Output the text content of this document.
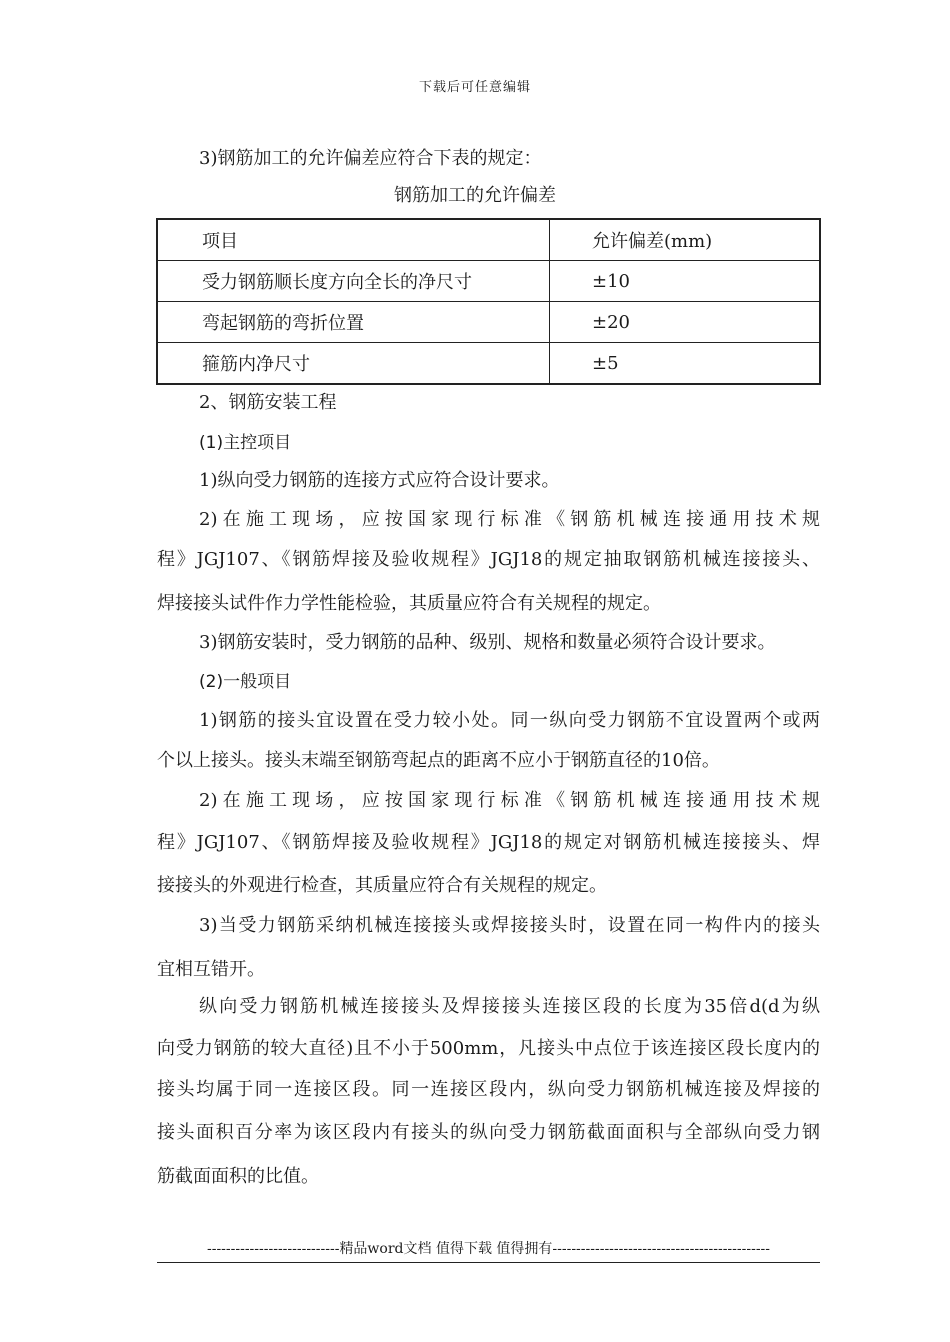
下载后可任意编辑
3)钢筋加工的允许偏差应符合下表的规定：
钢筋加工的允许偏差
项目	允许偏差(mm)
受力钢筋顺长度方向全长的净尺寸	±10
弯起钢筋的弯折位置	±20
箍筋内净尺寸	±5
2、钢筋安装工程
(1)主控项目
1)纵向受力钢筋的连接方式应符合设计要求。
2)在施工现场，应按国家现行标准《钢筋机械连接通用技术规
程》JGJ107、《钢筋焊接及验收规程》JGJ18的规定抽取钢筋机械连接接头、
焊接接头试件作力学性能检验，其质量应符合有关规程的规定。
3)钢筋安装时，受力钢筋的品种、级别、规格和数量必须符合设计要求。
(2)一般项目
1)钢筋的接头宜设置在受力较小处。同一纵向受力钢筋不宜设置两个或两
个以上接头。接头末端至钢筋弯起点的距离不应小于钢筋直径的10倍。
2)在施工现场，应按国家现行标准《钢筋机械连接通用技术规
程》JGJ107、《钢筋焊接及验收规程》JGJ18的规定对钢筋机械连接接头、焊
接接头的外观进行检查，其质量应符合有关规程的规定。
3)当受力钢筋采纳机械连接接头或焊接接头时，设置在同一构件内的接头
宜相互错开。
纵向受力钢筋机械连接接头及焊接接头连接区段的长度为35倍d(d为纵
向受力钢筋的较大直径)且不小于500mm，凡接头中点位于该连接区段长度内的
接头均属于同一连接区段。同一连接区段内，纵向受力钢筋机械连接及焊接的
接头面积百分率为该区段内有接头的纵向受力钢筋截面面积与全部纵向受力钢
筋截面面积的比值。
----------------------------精品word文档 值得下载 值得拥有----------------------------------------------
